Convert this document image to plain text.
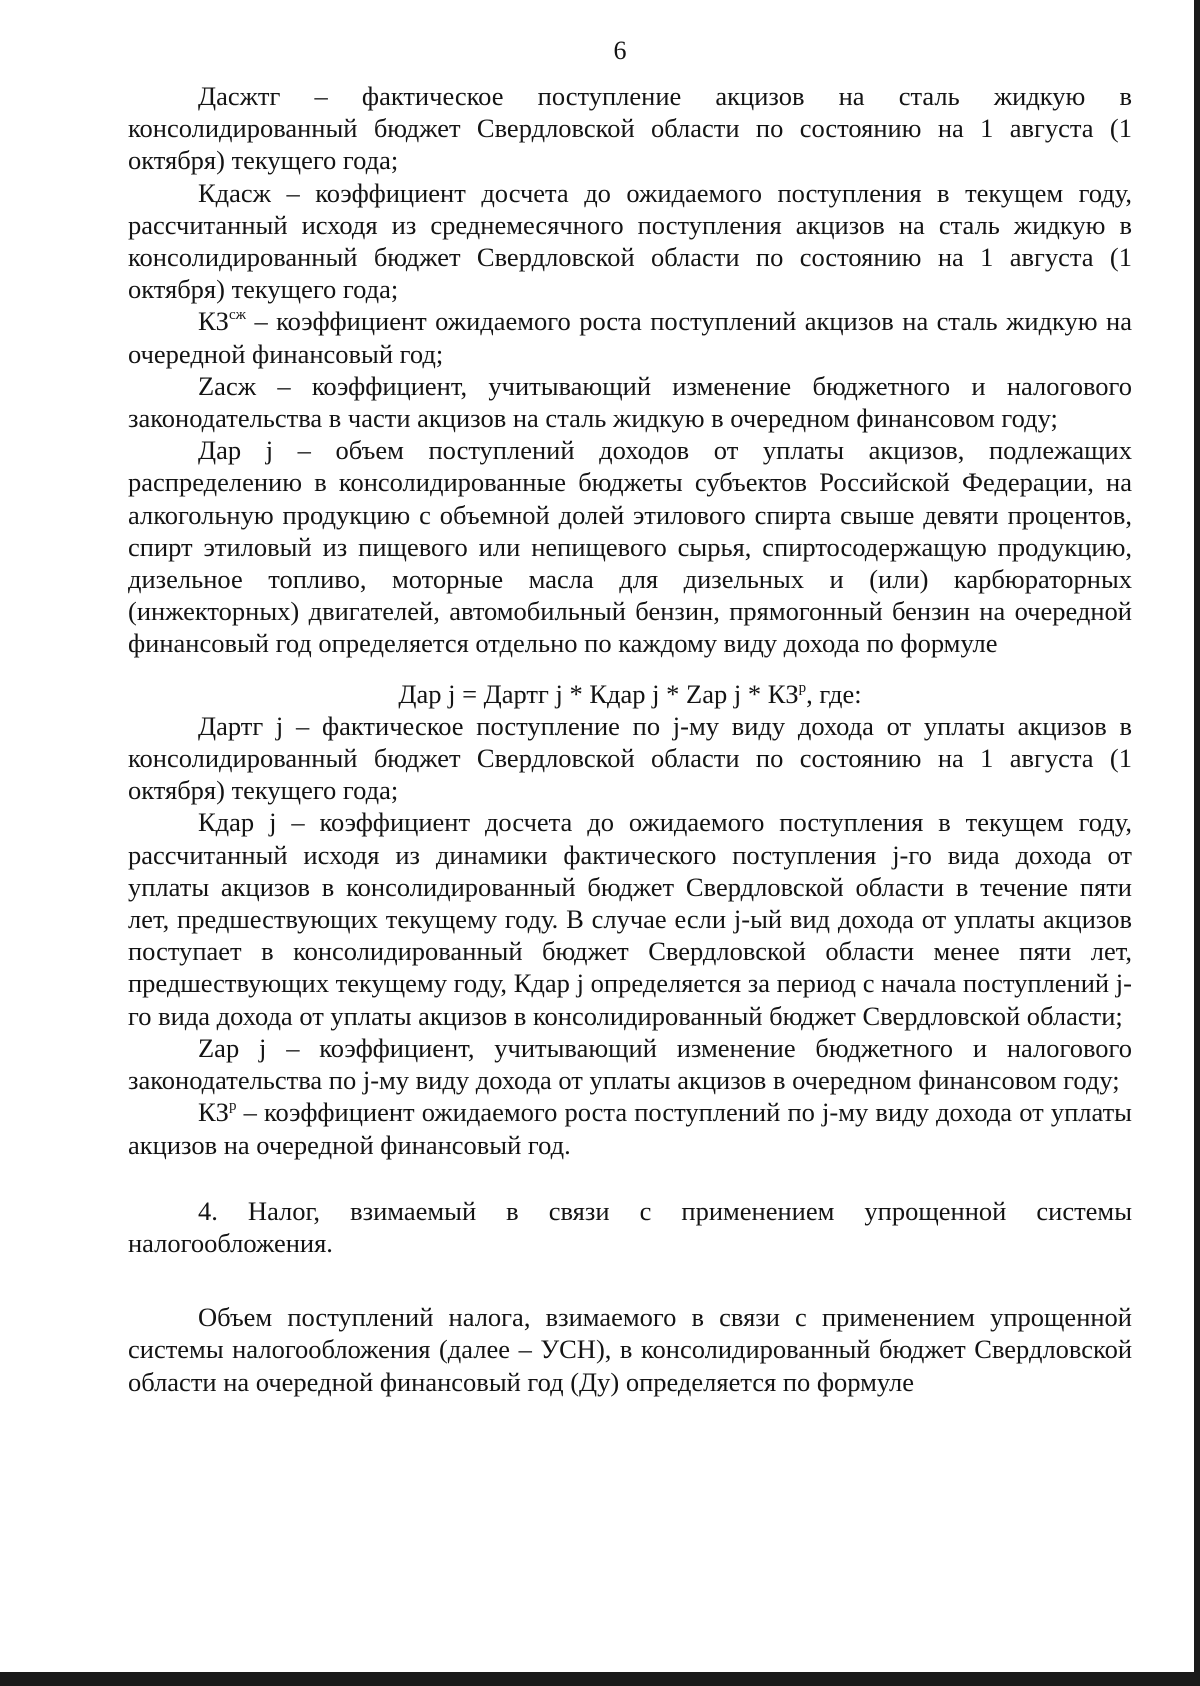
6

Дасжтг – фактическое поступление акцизов на сталь жидкую в консолидированный бюджет Свердловской области по состоянию на 1 августа (1 октября) текущего года;

Кдасж – коэффициент досчета до ожидаемого поступления в текущем году, рассчитанный исходя из среднемесячного поступления акцизов на сталь жидкую в консолидированный бюджет Свердловской области по состоянию на 1 августа (1 октября) текущего года;

$КЗ^{сж}$ – коэффициент ожидаемого роста поступлений акцизов на сталь жидкую на очередной финансовый год;

Zасж – коэффициент, учитывающий изменение бюджетного и налогового законодательства в части акцизов на сталь жидкую в очередном финансовом году;

Дар j – объем поступлений доходов от уплаты акцизов, подлежащих распределению в консолидированные бюджеты субъектов Российской Федерации, на алкогольную продукцию с объемной долей этилового спирта свыше девяти процентов, спирт этиловый из пищевого или непищевого сырья, спиртосодержащую продукцию, дизельное топливо, моторные масла для дизельных и (или) карбюраторных (инжекторных) двигателей, автомобильный бензин, прямогонный бензин на очередной финансовый год определяется отдельно по каждому виду дохода по формуле

Дар j = Дартг j * Кдар j * Zар j * $КЗ^р$, где:

Дартг j – фактическое поступление по j-му виду дохода от уплаты акцизов в консолидированный бюджет Свердловской области по состоянию на 1 августа (1 октября) текущего года;

Кдар j – коэффициент досчета до ожидаемого поступления в текущем году, рассчитанный исходя из динамики фактического поступления j-го вида дохода от уплаты акцизов в консолидированный бюджет Свердловской области в течение пяти лет, предшествующих текущему году. В случае если j-ый вид дохода от уплаты акцизов поступает в консолидированный бюджет Свердловской области менее пяти лет, предшествующих текущему году, Кдар j определяется за период с начала поступлений j-го вида дохода от уплаты акцизов в консолидированный бюджет Свердловской области;

Zар j – коэффициент, учитывающий изменение бюджетного и налогового законодательства по j-му виду дохода от уплаты акцизов в очередном финансовом году;

$КЗ^р$ – коэффициент ожидаемого роста поступлений по j-му виду дохода от уплаты акцизов на очередной финансовый год.

4. Налог, взимаемый в связи с применением упрощенной системы налогообложения.

Объем поступлений налога, взимаемого в связи с применением упрощенной системы налогообложения (далее – УСН), в консолидированный бюджет Свердловской области на очередной финансовый год (Ду) определяется по формуле
